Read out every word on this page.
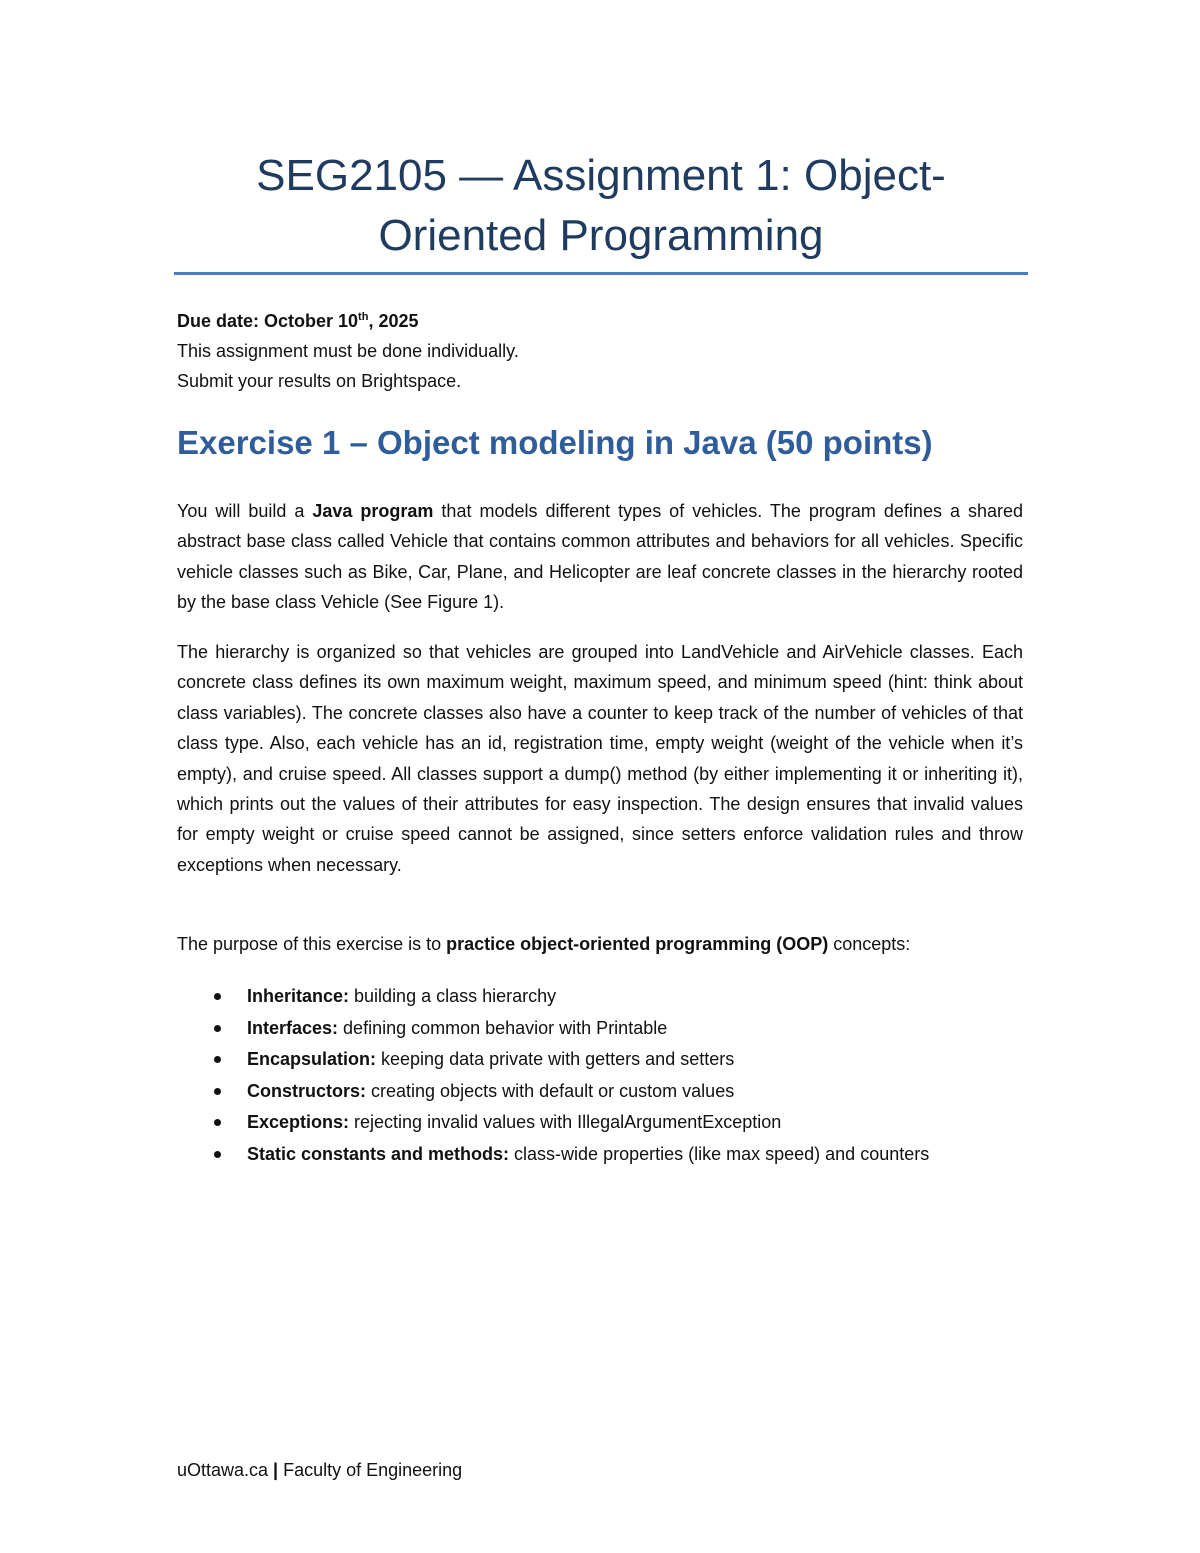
SEG2105 — Assignment 1: Object-
Oriented Programming
Due date: October 10th, 2025
This assignment must be done individually.
Submit your results on Brightspace.
Exercise 1 – Object modeling in Java (50 points)

You will build a Java program that models different types of vehicles. The program defines a shared abstract base class called Vehicle that contains common attributes and behaviors for all vehicles. Specific vehicle classes such as Bike, Car, Plane, and Helicopter are leaf concrete classes in the hierarchy rooted by the base class Vehicle (See Figure 1).

The hierarchy is organized so that vehicles are grouped into LandVehicle and AirVehicle classes. Each concrete class defines its own maximum weight, maximum speed, and minimum speed (hint: think about class variables). The concrete classes also have a counter to keep track of the number of vehicles of that class type. Also, each vehicle has an id, registration time, empty weight (weight of the vehicle when it’s empty), and cruise speed. All classes support a dump() method (by either implementing it or inheriting it), which prints out the values of their attributes for easy inspection. The design ensures that invalid values for empty weight or cruise speed cannot be assigned, since setters enforce validation rules and throw exceptions when necessary.

The purpose of this exercise is to practice object-oriented programming (OOP) concepts:

Inheritance: building a class hierarchy
Interfaces: defining common behavior with Printable
Encapsulation: keeping data private with getters and setters
Constructors: creating objects with default or custom values
Exceptions: rejecting invalid values with IllegalArgumentException
Static constants and methods: class-wide properties (like max speed) and counters
uOttawa.ca | Faculty of Engineering
